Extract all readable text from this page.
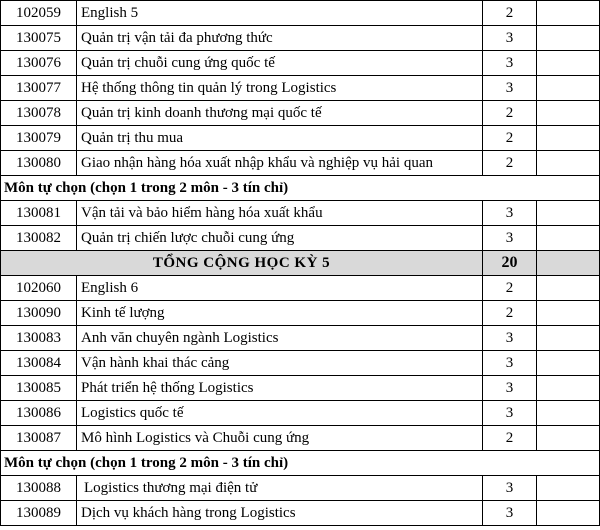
102059	English 5	2	
130075	Quản trị vận tải đa phương thức	3	
130076	Quản trị chuỗi cung ứng quốc tế	3	
130077	Hệ thống thông tin quản lý trong Logistics	3	
130078	Quản trị kinh doanh thương mại quốc tế	2	
130079	Quản trị thu mua	2	
130080	Giao nhận hàng hóa xuất nhập khẩu và nghiệp vụ hải quan	2	
Môn tự chọn (chọn 1 trong 2 môn - 3 tín chỉ)			
130081	Vận tải và bảo hiểm hàng hóa xuất khẩu	3	
130082	Quản trị chiến lược chuỗi cung ứng	3	
TỔNG CỘNG HỌC KỲ 5		20	
102060	English 6	2	
130090	Kinh tế lượng	2	
130083	Anh văn chuyên ngành Logistics	3	
130084	Vận hành khai thác cảng	3	
130085	Phát triển hệ thống Logistics	3	
130086	Logistics quốc tế	3	
130087	Mô hình Logistics và Chuỗi cung ứng	2	
Môn tự chọn (chọn 1 trong 2 môn - 3 tín chỉ)			
130088	Logistics thương mại điện tử	3	
130089	Dịch vụ khách hàng trong Logistics	3	
